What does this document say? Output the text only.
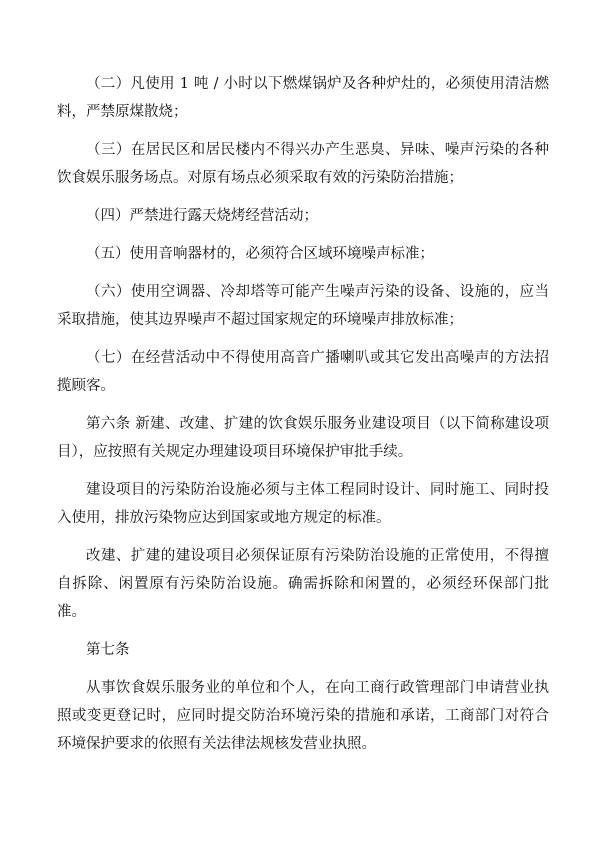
（二）凡使用 1 吨 / 小时以下燃煤锅炉及各种炉灶的，必须使用清洁燃料，严禁原煤散烧；

（三）在居民区和居民楼内不得兴办产生恶臭、异味、噪声污染的各种饮食娱乐服务场点。对原有场点必须采取有效的污染防治措施；

（四）严禁进行露天烧烤经营活动；

（五）使用音响器材的，必须符合区域环境噪声标准；

（六）使用空调器、冷却塔等可能产生噪声污染的设备、设施的，应当采取措施，使其边界噪声不超过国家规定的环境噪声排放标准；

（七）在经营活动中不得使用高音广播喇叭或其它发出高噪声的方法招揽顾客。

第六条 新建、改建、扩建的饮食娱乐服务业建设项目（以下简称建设项目），应按照有关规定办理建设项目环境保护审批手续。

建设项目的污染防治设施必须与主体工程同时设计、同时施工、同时投入使用，排放污染物应达到国家或地方规定的标准。

改建、扩建的建设项目必须保证原有污染防治设施的正常使用，不得擅自拆除、闲置原有污染防治设施。确需拆除和闲置的，必须经环保部门批准。

第七条

从事饮食娱乐服务业的单位和个人，在向工商行政管理部门申请营业执照或变更登记时，应同时提交防治环境污染的措施和承诺，工商部门对符合环境保护要求的依照有关法律法规核发营业执照。
